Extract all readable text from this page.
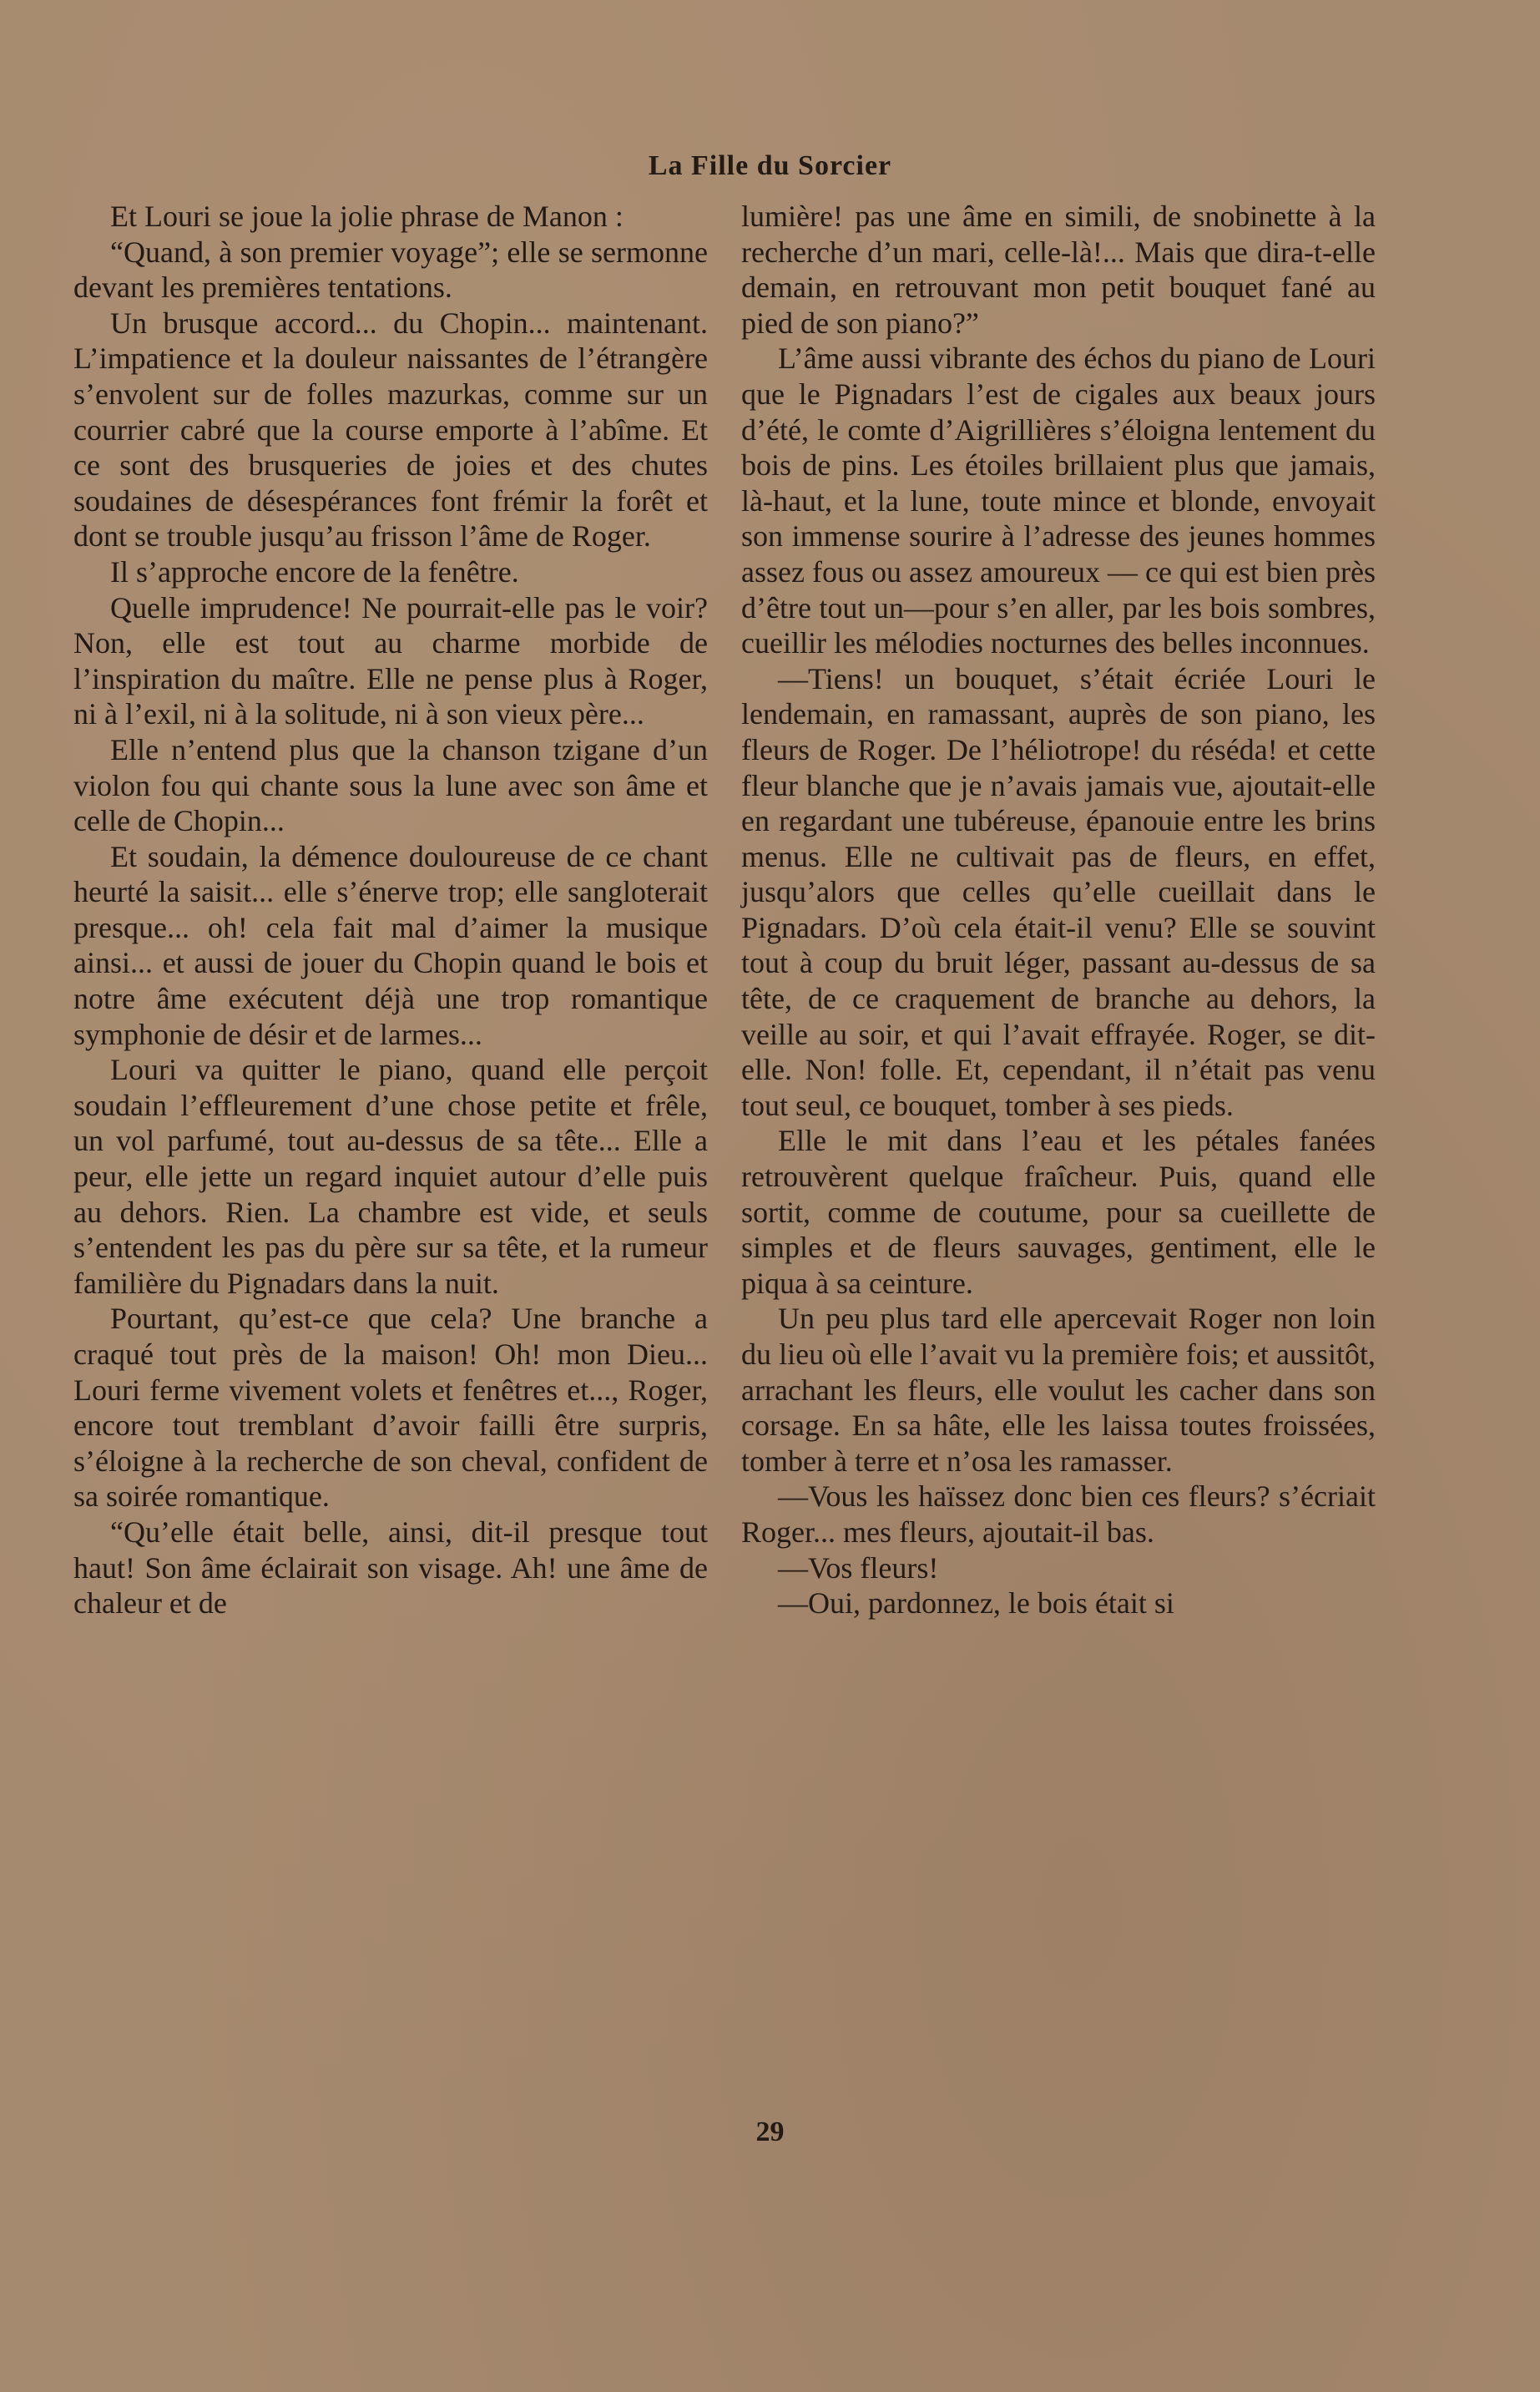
La Fille du Sorcier

Et Louri se joue la jolie phrase de Manon :

“Quand, à son premier voyage”; elle se sermonne devant les premières tentations.

Un brusque accord... du Chopin... maintenant. L’impatience et la douleur naissantes de l’étrangère s’envolent sur de folles mazurkas, comme sur un courrier cabré que la course emporte à l’abîme. Et ce sont des brusqueries de joies et des chutes soudaines de désespérances font frémir la forêt et dont se trouble jusqu’au frisson l’âme de Roger.

Il s’approche encore de la fenêtre.

Quelle imprudence! Ne pourrait-elle pas le voir? Non, elle est tout au charme morbide de l’inspiration du maître. Elle ne pense plus à Roger, ni à l’exil, ni à la solitude, ni à son vieux père...

Elle n’entend plus que la chanson tzigane d’un violon fou qui chante sous la lune avec son âme et celle de Chopin...

Et soudain, la démence douloureuse de ce chant heurté la saisit... elle s’énerve trop; elle sangloterait presque... oh! cela fait mal d’aimer la musique ainsi... et aussi de jouer du Chopin quand le bois et notre âme exécutent déjà une trop romantique symphonie de désir et de larmes...

Louri va quitter le piano, quand elle perçoit soudain l’effleurement d’une chose petite et frêle, un vol parfumé, tout au-dessus de sa tête... Elle a peur, elle jette un regard inquiet autour d’elle puis au dehors. Rien. La chambre est vide, et seuls s’entendent les pas du père sur sa tête, et la rumeur familière du Pignadars dans la nuit.

Pourtant, qu’est-ce que cela? Une branche a craqué tout près de la maison! Oh! mon Dieu... Louri ferme vivement volets et fenêtres et..., Roger, encore tout tremblant d’avoir failli être surpris, s’éloigne à la recherche de son cheval, confident de sa soirée romantique.

“Qu’elle était belle, ainsi, dit-il presque tout haut! Son âme éclairait son visage. Ah! une âme de chaleur et de

lumière! pas une âme en simili, de snobinette à la recherche d’un mari, celle-là!... Mais que dira-t-elle demain, en retrouvant mon petit bouquet fané au pied de son piano?”

L’âme aussi vibrante des échos du piano de Louri que le Pignadars l’est de cigales aux beaux jours d’été, le comte d’Aigrillières s’éloigna lentement du bois de pins. Les étoiles brillaient plus que jamais, là-haut, et la lune, toute mince et blonde, envoyait son immense sourire à l’adresse des jeunes hommes assez fous ou assez amoureux — ce qui est bien près d’être tout un—pour s’en aller, par les bois sombres, cueillir les mélodies nocturnes des belles inconnues.

—Tiens! un bouquet, s’était écriée Louri le lendemain, en ramassant, auprès de son piano, les fleurs de Roger. De l’héliotrope! du réséda! et cette fleur blanche que je n’avais jamais vue, ajoutait-elle en regardant une tubéreuse, épanouie entre les brins menus. Elle ne cultivait pas de fleurs, en effet, jusqu’alors que celles qu’elle cueillait dans le Pignadars. D’où cela était-il venu? Elle se souvint tout à coup du bruit léger, passant au-dessus de sa tête, de ce craquement de branche au dehors, la veille au soir, et qui l’avait effrayée. Roger, se dit-elle. Non! folle. Et, cependant, il n’était pas venu tout seul, ce bouquet, tomber à ses pieds.

Elle le mit dans l’eau et les pétales fanées retrouvèrent quelque fraîcheur. Puis, quand elle sortit, comme de coutume, pour sa cueillette de simples et de fleurs sauvages, gentiment, elle le piqua à sa ceinture.

Un peu plus tard elle apercevait Roger non loin du lieu où elle l’avait vu la première fois; et aussitôt, arrachant les fleurs, elle voulut les cacher dans son corsage. En sa hâte, elle les laissa toutes froissées, tomber à terre et n’osa les ramasser.

—Vous les haïssez donc bien ces fleurs? s’écriait Roger... mes fleurs, ajoutait-il bas.

—Vos fleurs!

—Oui, pardonnez, le bois était si

29
